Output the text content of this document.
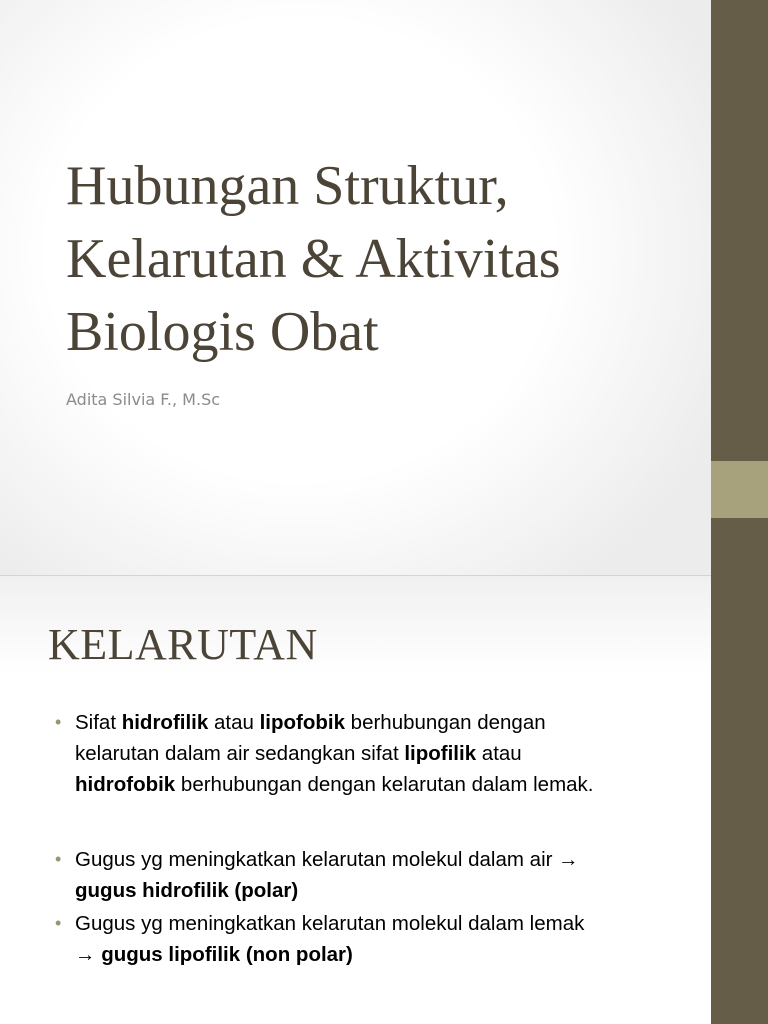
Hubungan Struktur,
Kelarutan & Aktivitas
Biologis Obat

Adita Silvia F., M.Sc

KELARUTAN
• Sifat hidrofilik atau lipofobik berhubungan dengan
kelarutan dalam air sedangkan sifat lipofilik atau
hidrofobik berhubungan dengan kelarutan dalam lemak.
• Gugus yg meningkatkan kelarutan molekul dalam air →
gugus hidrofilik (polar)
• Gugus yg meningkatkan kelarutan molekul dalam lemak
→ gugus lipofilik (non polar)
